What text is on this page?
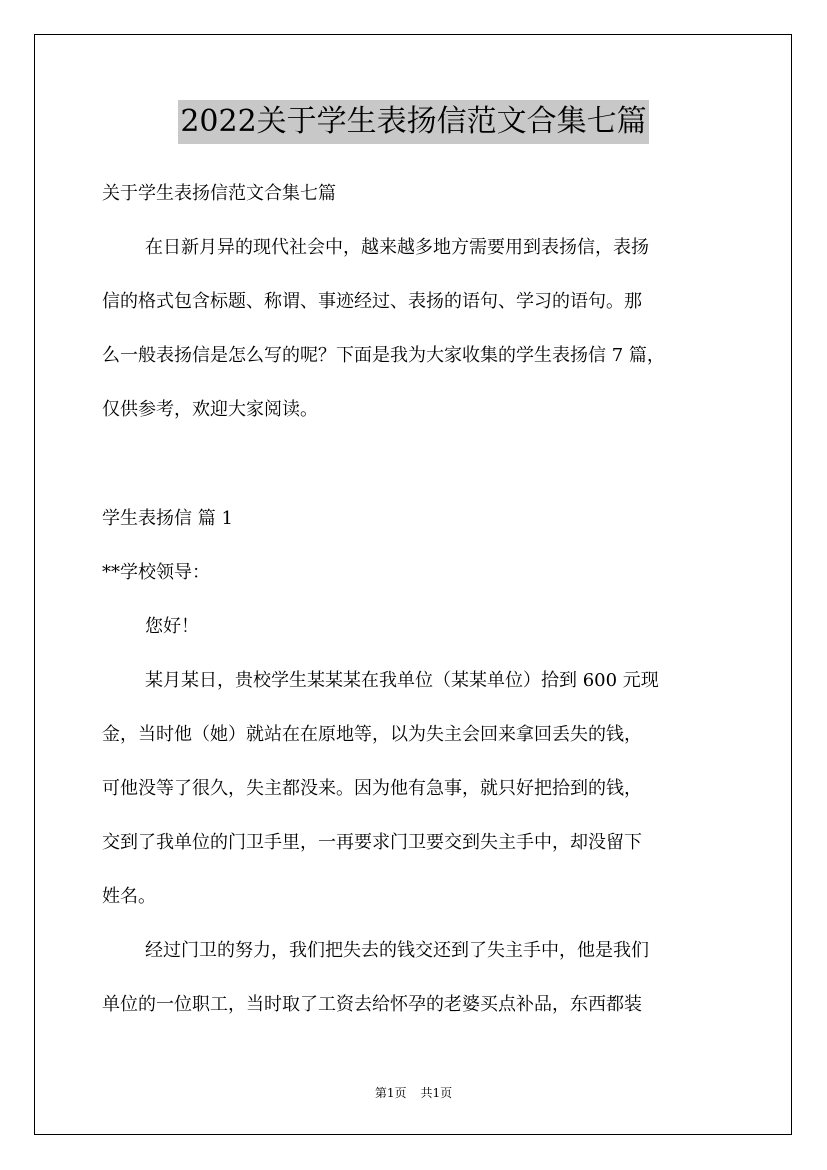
2022关于学生表扬信范文合集七篇
关于学生表扬信范文合集七篇
在日新月异的现代社会中，越来越多地方需要用到表扬信，表扬
信的格式包含标题、称谓、事迹经过、表扬的语句、学习的语句。那
么一般表扬信是怎么写的呢？下面是我为大家收集的学生表扬信 7 篇，
仅供参考，欢迎大家阅读。
学生表扬信 篇 1
**学校领导：
您好！
某月某日，贵校学生某某某在我单位（某某单位）拾到 600 元现
金，当时他（她）就站在在原地等，以为失主会回来拿回丢失的钱，
可他没等了很久，失主都没来。因为他有急事，就只好把拾到的钱，
交到了我单位的门卫手里，一再要求门卫要交到失主手中，却没留下
姓名。
经过门卫的努力，我们把失去的钱交还到了失主手中，他是我们
单位的一位职工，当时取了工资去给怀孕的老婆买点补品，东西都装
第1页 共1页
